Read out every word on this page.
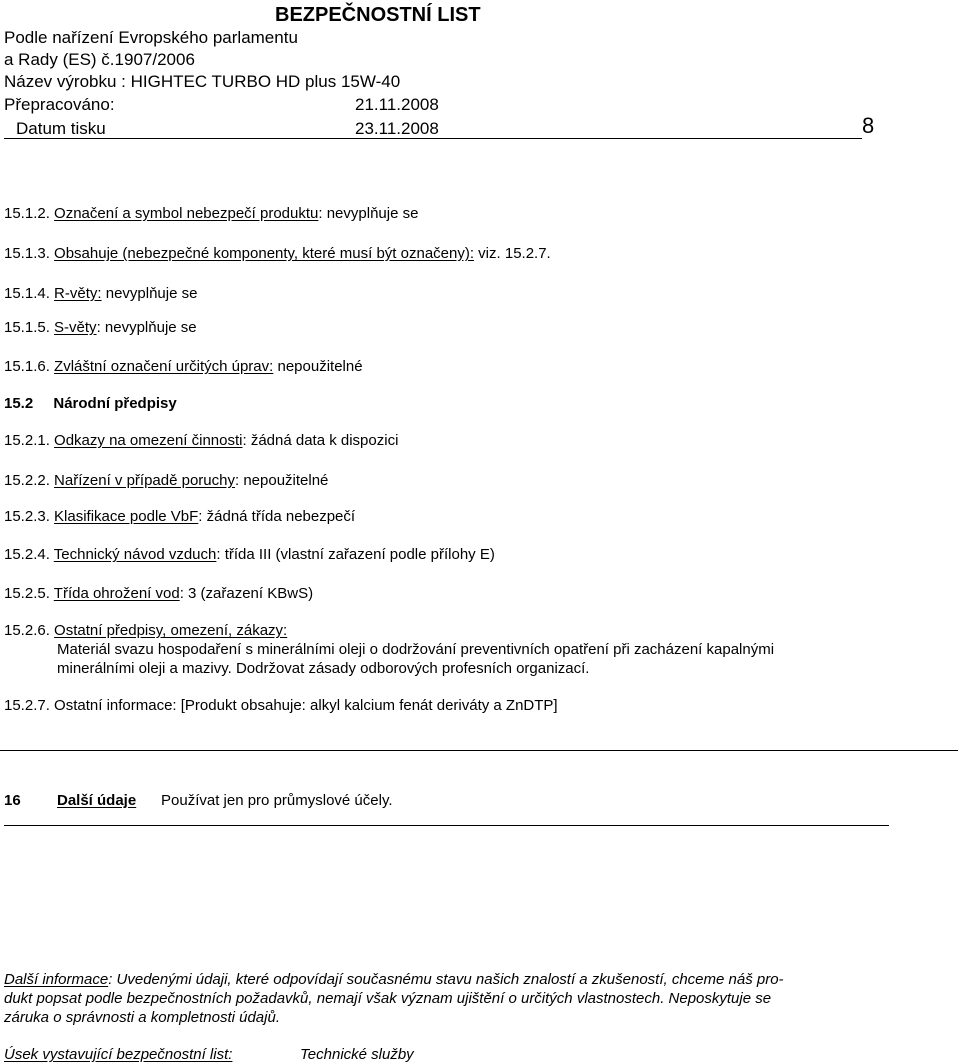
BEZPEČNOSTNÍ LIST
Podle nařízení Evropského parlamentu
a Rady (ES) č.1907/2006
Název výrobku : HIGHTEC TURBO HD plus 15W-40
Přepracováno:	21.11.2008
Datum tisku	23.11.2008	8
15.1.2. Označení a symbol nebezpečí produktu: nevyplňuje se
15.1.3. Obsahuje (nebezpečné komponenty, které musí být označeny): viz. 15.2.7.
15.1.4. R-věty: nevyplňuje se
15.1.5. S-věty: nevyplňuje se
15.1.6. Zvláštní označení určitých úprav: nepoužitelné
15.2 Národní předpisy
15.2.1. Odkazy na omezení činnosti: žádná data k dispozici
15.2.2. Nařízení v případě poruchy: nepoužitelné
15.2.3. Klasifikace podle VbF: žádná třída nebezpečí
15.2.4. Technický návod vzduch: třída III (vlastní zařazení podle přílohy E)
15.2.5. Třída ohrožení vod: 3 (zařazení KBwS)
15.2.6. Ostatní předpisy, omezení, zákazy:
Materiál svazu hospodaření s minerálními oleji o dodržování preventivních opatření při zacházení kapalnými
minerálními oleji a mazivy. Dodržovat zásady odborových profesních organizací.
15.2.7. Ostatní informace: [Produkt obsahuje: alkyl kalcium fenát deriváty a ZnDTP]
16 Další údaje Používat jen pro průmyslové účely.
Další informace: Uvedenými údaji, které odpovídají současnému stavu našich znalostí a zkušeností, chceme náš pro-
dukt popsat podle bezpečnostních požadavků, nemají však význam ujištění o určitých vlastnostech. Neposkytuje se
záruka o správnosti a kompletnosti údajů.
Úsek vystavující bezpečnostní list:	Technické služby
